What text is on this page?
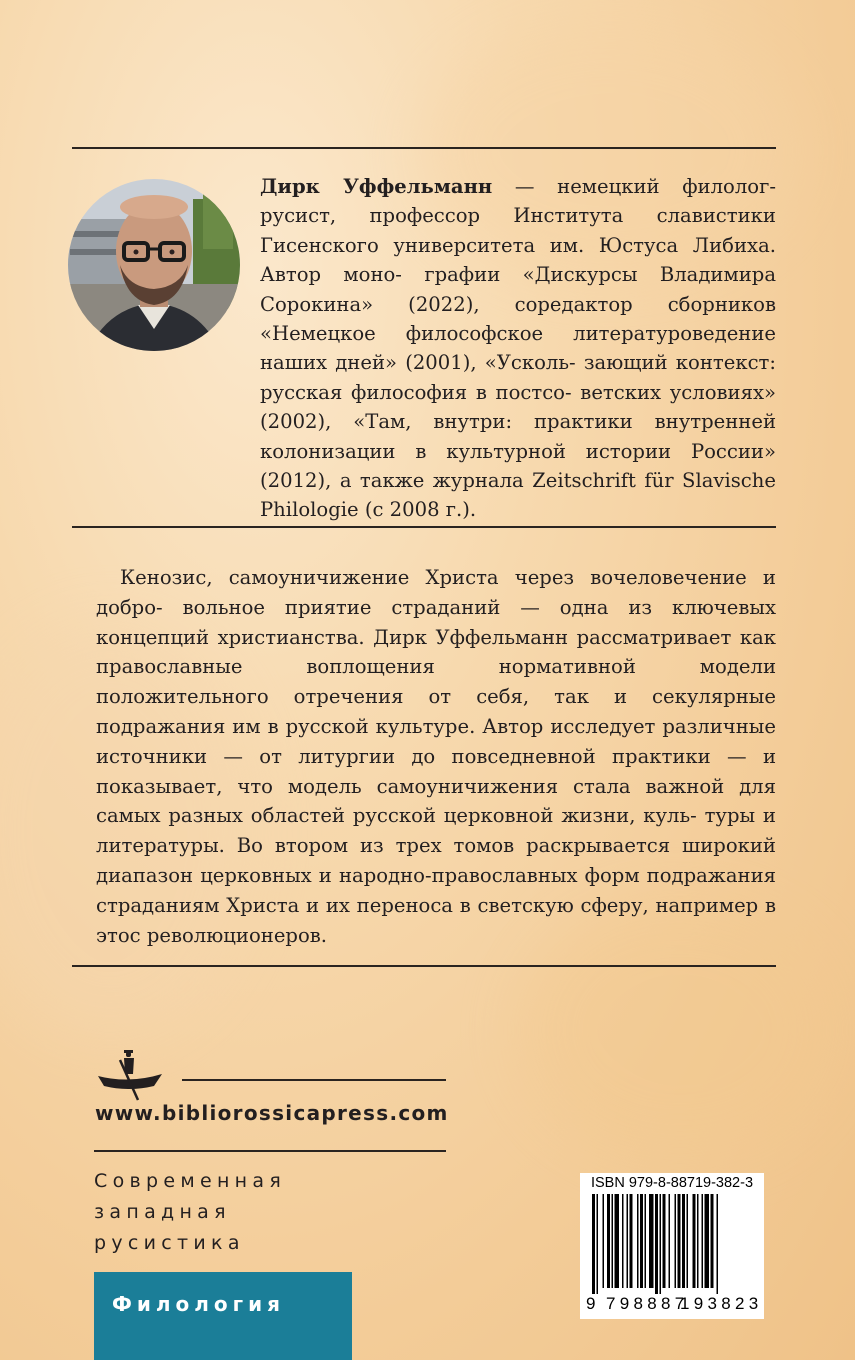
Дирк Уффельманн — немецкий филолог-русист, профессор Института славистики Гисенского университета им. Юстуса Либиха. Автор моно- графии «Дискурсы Владимира Сорокина» (2022), соредактор сборников «Немецкое философское литературоведение наших дней» (2001), «Усколь- зающий контекст: русская философия в постсо- ветских условиях» (2002), «Там, внутри: практики внутренней колонизации в культурной истории России» (2012), а также журнала Zeitschrift für Slavische Philologie (с 2008 г.).
Кенозис, самоуничижение Христа через вочеловечение и добро- вольное приятие страданий — одна из ключевых концепций христианства. Дирк Уффельманн рассматривает как православные	воплощения нормативной модели положительного отречения от себя, так и секулярные подражания им в русской культуре. Автор исследует различные источники — от литургии до повседневной практики — и показывает, что модель самоуничижения стала важной для самых разных областей русской церковной жизни, куль- туры и литературы. Во втором из трех томов раскрывается широкий диапазон церковных и народно-православных форм подражания страданиям Христа и их переноса в светскую сферу, например в этос революционеров.
www.bibliorossicapress.com
Современная
западная
русистика
Филология
ISBN 979-8-88719-382-3
9 798887
193823
